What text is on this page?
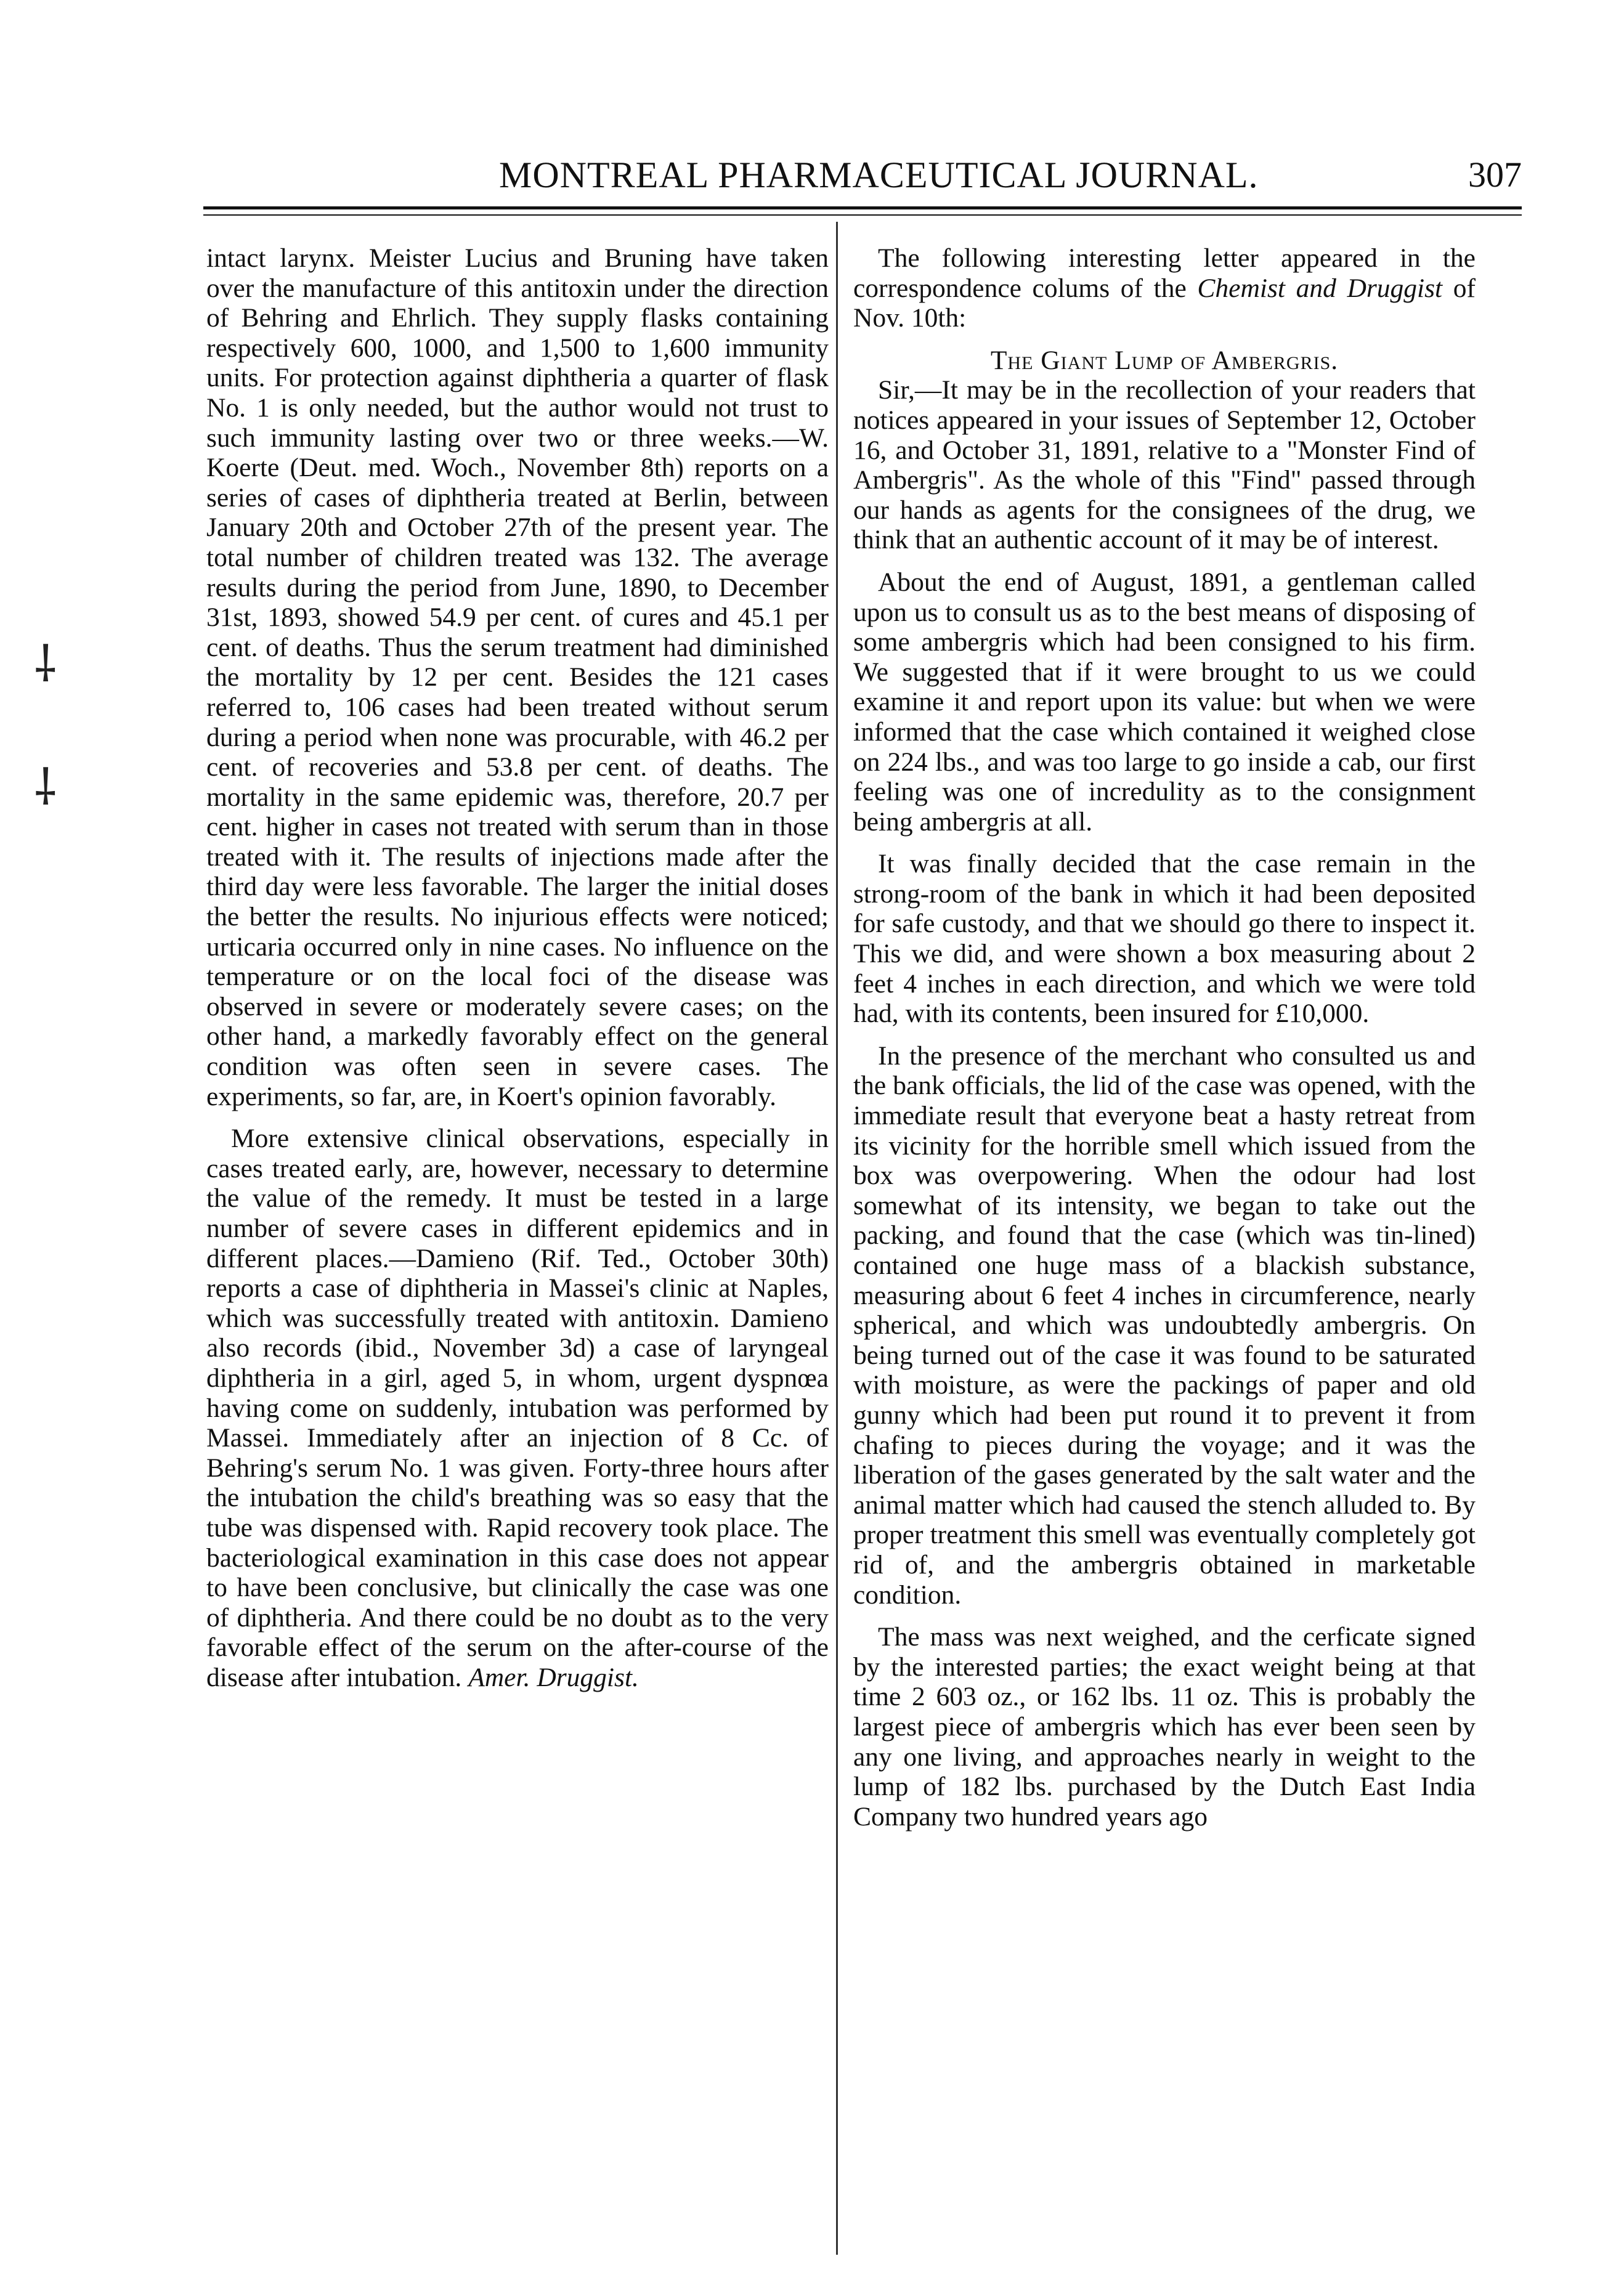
MONTREAL PHARMACEUTICAL JOURNAL.	307
⸸
⸸

intact larynx. Meister Lucius and Bruning have taken over the manufacture of this antitoxin under the direction of Behring and Ehrlich. They supply flasks containing respectively 600, 1000, and 1,500 to 1,600 immunity units. For protection against diphtheria a quarter of flask No. 1 is only needed, but the author would not trust to such immunity lasting over two or three weeks.—W. Koerte (Deut. med. Woch., November 8th) reports on a series of cases of diphtheria treated at Berlin, between January 20th and October 27th of the present year. The total number of children treated was 132. The average results during the period from June, 1890, to December 31st, 1893, showed 54.9 per cent. of cures and 45.1 per cent. of deaths. Thus the serum treatment had diminished the mortality by 12 per cent. Besides the 121 cases referred to, 106 cases had been treated without serum during a period when none was procurable, with 46.2 per cent. of recoveries and 53.8 per cent. of deaths. The mortality in the same epidemic was, therefore, 20.7 per cent. higher in cases not treated with serum than in those treated with it. The results of injections made after the third day were less favorable. The larger the initial doses the better the results. No injurious effects were noticed; urticaria occurred only in nine cases. No influence on the temperature or on the local foci of the disease was observed in severe or moderately severe cases; on the other hand, a markedly favorably effect on the general condition was often seen in severe cases. The experiments, so far, are, in Koert's opinion favorably.

More extensive clinical observations, especially in cases treated early, are, however, necessary to determine the value of the remedy. It must be tested in a large number of severe cases in different epidemics and in different places.—Damieno (Rif. Ted., October 30th) reports a case of diphtheria in Massei's clinic at Naples, which was successfully treated with antitoxin. Damieno also records (ibid., November 3d) a case of laryngeal diphtheria in a girl, aged 5, in whom, urgent dyspnœa having come on suddenly, intubation was performed by Massei. Immediately after an injection of 8 Cc. of Behring's serum No. 1 was given. Forty-three hours after the intubation the child's breathing was so easy that the tube was dispensed with. Rapid recovery took place. The bacteriological examination in this case does not appear to have been conclusive, but clinically the case was one of diphtheria. And there could be no doubt as to the very favorable effect of the serum on the after-course of the disease after intubation. Amer. Druggist.

The following interesting letter appeared in the correspondence colums of the Chemist and Druggist of Nov. 10th:

The Giant Lump of Ambergris.

Sir,—It may be in the recollection of your readers that notices appeared in your issues of September 12, October 16, and October 31, 1891, relative to a "Monster Find of Ambergris". As the whole of this "Find" passed through our hands as agents for the consignees of the drug, we think that an authentic account of it may be of interest.

About the end of August, 1891, a gentleman called upon us to consult us as to the best means of disposing of some ambergris which had been consigned to his firm. We suggested that if it were brought to us we could examine it and report upon its value: but when we were informed that the case which contained it weighed close on 224 lbs., and was too large to go inside a cab, our first feeling was one of incredulity as to the consignment being ambergris at all.

It was finally decided that the case remain in the strong-room of the bank in which it had been deposited for safe custody, and that we should go there to inspect it. This we did, and were shown a box measuring about 2 feet 4 inches in each direction, and which we were told had, with its contents, been insured for £10,000.

In the presence of the merchant who consulted us and the bank officials, the lid of the case was opened, with the immediate result that everyone beat a hasty retreat from its vicinity for the horrible smell which issued from the box was overpowering. When the odour had lost somewhat of its intensity, we began to take out the packing, and found that the case (which was tin-lined) contained one huge mass of a blackish substance, measuring about 6 feet 4 inches in circumference, nearly spherical, and which was undoubtedly ambergris. On being turned out of the case it was found to be saturated with moisture, as were the packings of paper and old gunny which had been put round it to prevent it from chafing to pieces during the voyage; and it was the liberation of the gases generated by the salt water and the animal matter which had caused the stench alluded to. By proper treatment this smell was eventually completely got rid of, and the ambergris obtained in marketable condition.

The mass was next weighed, and the cerficate signed by the interested parties; the exact weight being at that time 2 603 oz., or 162 lbs. 11 oz. This is probably the largest piece of ambergris which has ever been seen by any one living, and approaches nearly in weight to the lump of 182 lbs. purchased by the Dutch East India Company two hundred years ago
